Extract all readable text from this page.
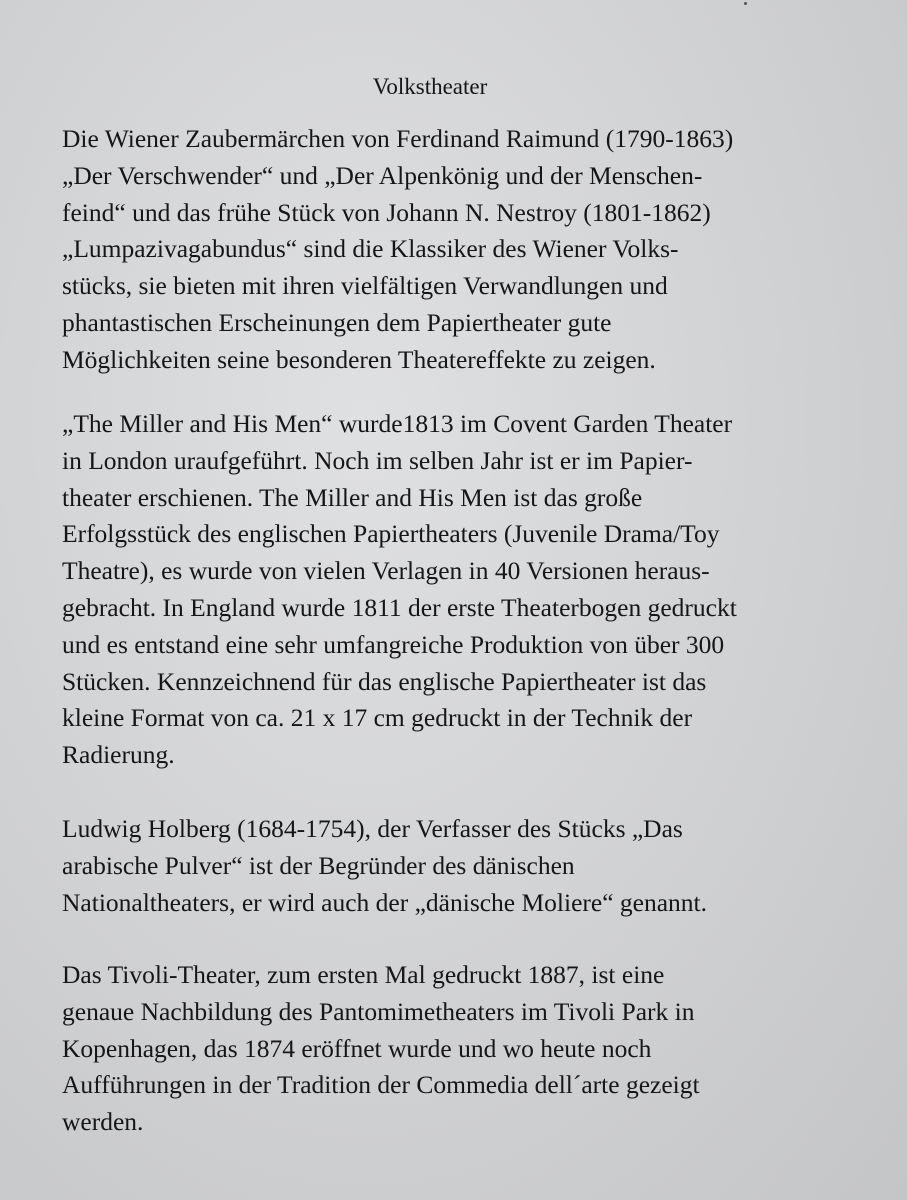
Volkstheater

Die Wiener Zaubermärchen von Ferdinand Raimund (1790-1863)
„Der Verschwender“ und „Der Alpenkönig und der Menschen-
feind“ und das frühe Stück von Johann N. Nestroy (1801-1862)
„Lumpazivagabundus“ sind die Klassiker des Wiener Volks-
stücks, sie bieten mit ihren vielfältigen Verwandlungen und
phantastischen Erscheinungen dem Papiertheater gute
Möglichkeiten seine besonderen Theatereffekte zu zeigen.

„The Miller and His Men“ wurde1813 im Covent Garden Theater
in London uraufgeführt. Noch im selben Jahr ist er im Papier-
theater erschienen. The Miller and His Men ist das große
Erfolgsstück des englischen Papiertheaters (Juvenile Drama/Toy
Theatre), es wurde von vielen Verlagen in 40 Versionen heraus-
gebracht. In England wurde 1811 der erste Theaterbogen gedruckt
und es entstand eine sehr umfangreiche Produktion von über 300
Stücken. Kennzeichnend für das englische Papiertheater ist das
kleine Format von ca. 21 x 17 cm gedruckt in der Technik der
Radierung.

Ludwig Holberg (1684-1754), der Verfasser des Stücks „Das
arabische Pulver“ ist der Begründer des dänischen
Nationaltheaters, er wird auch der „dänische Moliere“ genannt.

Das Tivoli-Theater, zum ersten Mal gedruckt 1887, ist eine
genaue Nachbildung des Pantomimetheaters im Tivoli Park in
Kopenhagen, das 1874 eröffnet wurde und wo heute noch
Aufführungen in der Tradition der Commedia dell´arte gezeigt
werden.
